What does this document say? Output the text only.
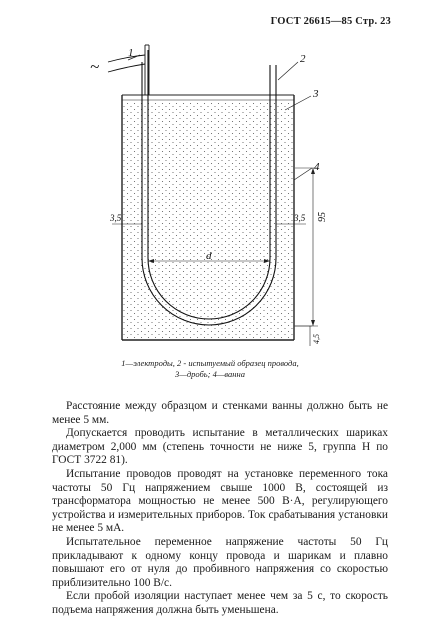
ГОСТ 26615—85 Стр. 23
~
1	2
3
4
d
95
3,5	3,5
4,5
1—электроды, 2 - испытуемый образец провода,
3—дробь; 4—ванна

Расстояние между образцом и стенками ванны должно быть не менее 5 мм.

Допускается проводить испытание в металлических шариках диаметром 2,000 мм (степень точности не ниже 5, группа Н по ГОСТ 3722 81).

Испытание проводов проводят на установке переменного тока частоты 50 Гц напряжением свыше 1000 В, состоящей из трансформатора мощностью не менее 500 В·А, регулирующего устройства и измерительных приборов. Ток срабатывания установки не менее 5 мА.

Испытательное переменное напряжение частоты 50 Гц прикладывают к одному концу провода и шарикам и плавно повышают его от нуля до пробивного напряжения со скоростью приблизительно 100 В/с.

Если пробой изоляции наступает менее чем за 5 с, то скорость подъема напряжения должна быть уменьшена.
